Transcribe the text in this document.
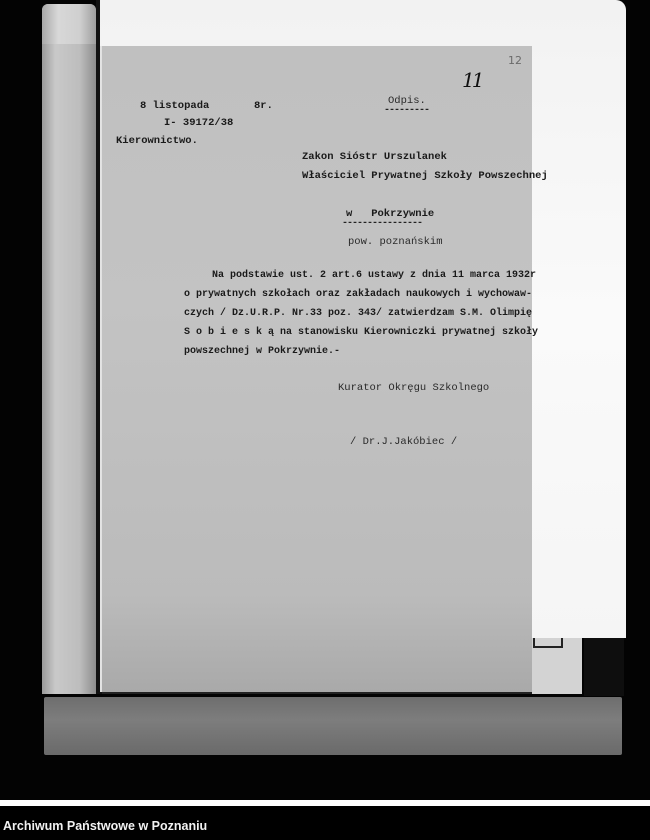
12
11
8 listopada	8r.	Odpis.
---------
I- 39172/38
Kierownictwo.
Zakon Sióstr Urszulanek
Właściciel Prywatnej Szkoły Powszechnej
w   Pokrzywnie
----------------
pow. poznańskim
Na podstawie ust. 2 art.6 ustawy z dnia 11 marca 1932r
o prywatnych szkołach oraz zakładach naukowych i wychowaw-
czych / Dz.U.R.P. Nr.33 poz. 343/ zatwierdzam S.M. Olimpię
S o b i e s k ą na stanowisku Kierowniczki prywatnej szkoły
powszechnej w Pokrzywnie.-
Kurator Okręgu Szkolnego
/ Dr.J.Jakóbiec /
Archiwum Państwowe w Poznaniu
